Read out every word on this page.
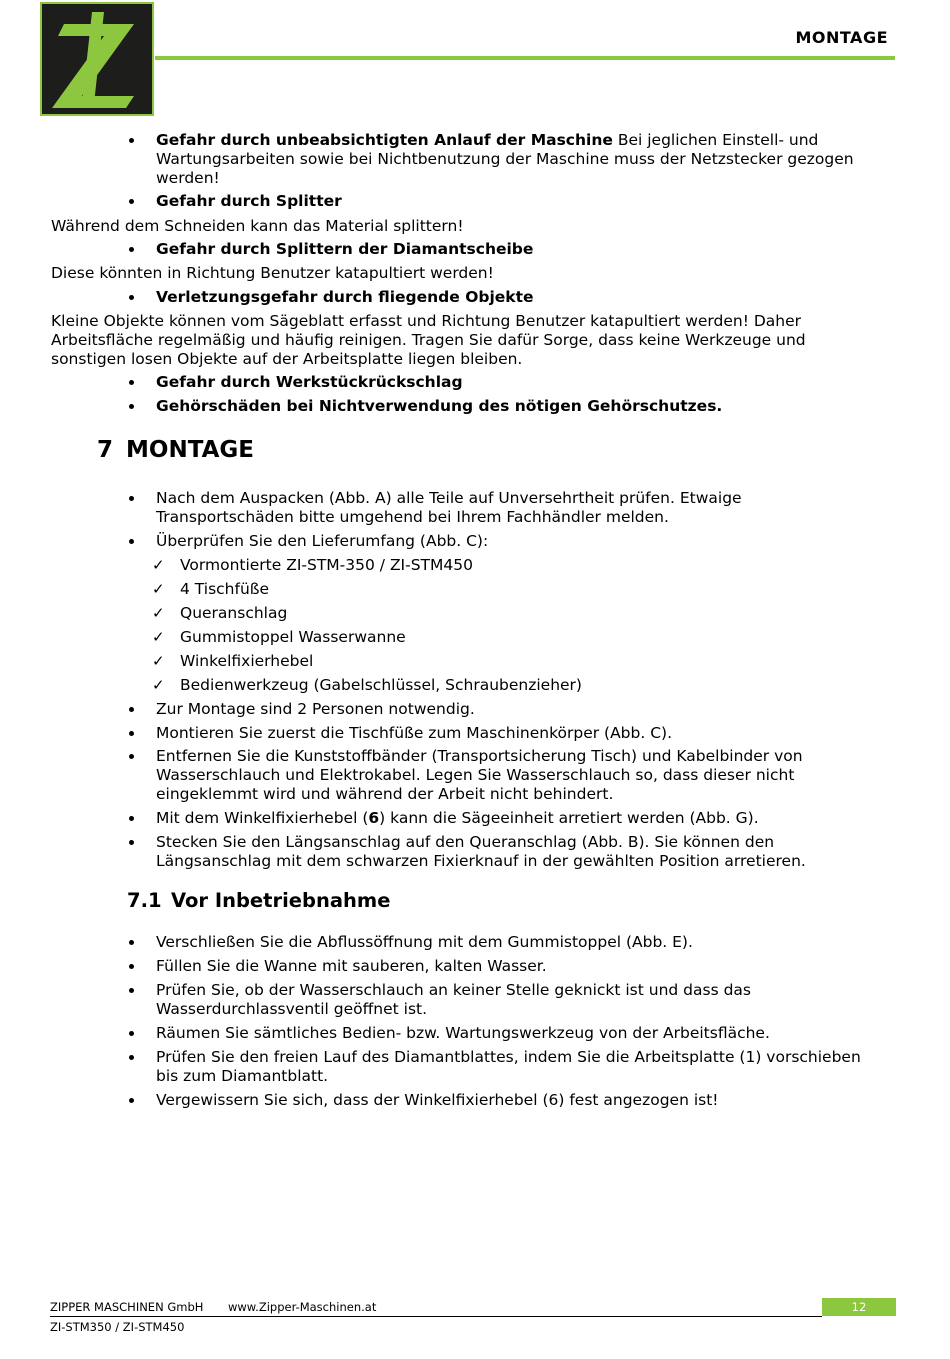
MONTAGE
Gefahr durch unbeabsichtigten Anlauf der Maschine Bei jeglichen Einstell- und
Wartungsarbeiten sowie bei Nichtbenutzung der Maschine muss der Netzstecker gezogen
werden!
Gefahr durch Splitter
Während dem Schneiden kann das Material splittern!
Gefahr durch Splittern der Diamantscheibe
Diese könnten in Richtung Benutzer katapultiert werden!
Verletzungsgefahr durch fliegende Objekte
Kleine Objekte können vom Sägeblatt erfasst und Richtung Benutzer katapultiert werden! Daher
Arbeitsfläche regelmäßig und häufig reinigen. Tragen Sie dafür Sorge, dass keine Werkzeuge und
sonstigen losen Objekte auf der Arbeitsplatte liegen bleiben.
Gefahr durch Werkstückrückschlag
Gehörschäden bei Nichtverwendung des nötigen Gehörschutzes.
7 MONTAGE
Nach dem Auspacken (Abb. A) alle Teile auf Unversehrtheit prüfen. Etwaige
Transportschäden bitte umgehend bei Ihrem Fachhändler melden.
Überprüfen Sie den Lieferumfang (Abb. C):
✓ Vormontierte ZI-STM-350 / ZI-STM450
✓ 4 Tischfüße
✓ Queranschlag
✓ Gummistoppel Wasserwanne
✓ Winkelfixierhebel
✓ Bedienwerkzeug (Gabelschlüssel, Schraubenzieher)
Zur Montage sind 2 Personen notwendig.
Montieren Sie zuerst die Tischfüße zum Maschinenkörper (Abb. C).
Entfernen Sie die Kunststoffbänder (Transportsicherung Tisch) und Kabelbinder von
Wasserschlauch und Elektrokabel. Legen Sie Wasserschlauch so, dass dieser nicht
eingeklemmt wird und während der Arbeit nicht behindert.
Mit dem Winkelfixierhebel (6) kann die Sägeeinheit arretiert werden (Abb. G).
Stecken Sie den Längsanschlag auf den Queranschlag (Abb. B). Sie können den
Längsanschlag mit dem schwarzen Fixierknauf in der gewählten Position arretieren.
7.1 Vor Inbetriebnahme
Verschließen Sie die Abflussöffnung mit dem Gummistoppel (Abb. E).
Füllen Sie die Wanne mit sauberen, kalten Wasser.
Prüfen Sie, ob der Wasserschlauch an keiner Stelle geknickt ist und dass das
Wasserdurchlassventil geöffnet ist.
Räumen Sie sämtliches Bedien- bzw. Wartungswerkzeug von der Arbeitsfläche.
Prüfen Sie den freien Lauf des Diamantblattes, indem Sie die Arbeitsplatte (1) vorschieben
bis zum Diamantblatt.
Vergewissern Sie sich, dass der Winkelfixierhebel (6) fest angezogen ist!
ZIPPER MASCHINEN GmbH www.Zipper-Maschinen.at	12
ZI-STM350 / ZI-STM450
